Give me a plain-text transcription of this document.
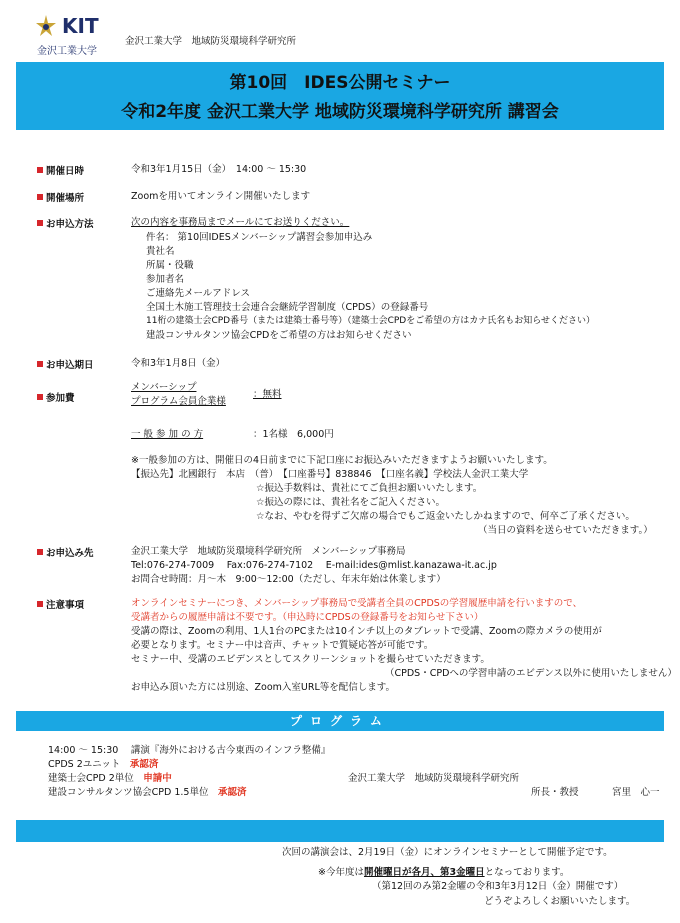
KIT
金沢工業大学
金沢工業大学　地域防災環境科学研究所
第10回　IDES公開セミナー
令和2年度 金沢工業大学 地域防災環境科学研究所 講習会
開催日時	令和3年1月15日（金）　14:00 ～ 15:30
開催場所	Zoomを用いてオンライン開催いたします
お申込方法	次の内容を事務局までメールにてお送りください。
件名： 第10回IDESメンバーシップ講習会参加申込み
貴社名
所属・役職
参加者名
ご連絡先メールアドレス
全国土木施工管理技士会連合会継続学習制度（CPDS）の登録番号
11桁の建築士会CPD番号（または建築士番号等）（建築士会CPDをご希望の方はカナ氏名もお知らせください）
建設コンサルタンツ協会CPDをご希望の方はお知らせください
お申込期日	令和3年1月8日（金）
参加費
メンバーシップ
プログラム会員企業様
：無料
一 般 参 加 の 方	：1名様　6,000円
※一般参加の方は、開催日の4日前までに下記口座にお振込みいただきますようお願いいたします。
【振込先】北國銀行　本店　（普）　【口座番号】838846　【口座名義】学校法人金沢工業大学
☆振込手数料は、貴社にてご負担お願いいたします。
☆振込の際には、貴社名をご記入ください。
☆なお、やむを得ずご欠席の場合でもご返金いたしかねますので、何卒ご了承ください。
（当日の資料を送らせていただきます。）
お申込み先	金沢工業大学　地域防災環境科学研究所　メンバーシップ事務局
Tel:076-274-7009　 Fax:076-274-7102　 E-mail:ides@mlist.kanazawa-it.ac.jp
お問合せ時間：月～木　9:00～12:00（ただし、年末年始は休業します）
注意事項	オンラインセミナーにつき、メンバーシップ事務局で受講者全員のCPDSの学習履歴申請を行いますので、
受講者からの履歴申請は不要です。（申込時にCPDSの登録番号をお知らせ下さい）
受講の際は、Zoomの利用、1人1台のPCまたは10インチ以上のタブレットで受講、Zoomの際カメラの使用が
必要となります。セミナー中は音声、チャットで質疑応答が可能です。
セミナー中、受講のエビデンスとしてスクリーンショットを撮らせていただきます。
（CPDS・CPDへの学習申請のエビデンス以外に使用いたしません）
お申込み頂いた方には別途、Zoom入室URL等を配信します。
プログラム
14:00 ～ 15:30　 講演『海外における古今東西のインフラ整備』
CPDS 2ユニット　 承認済
建築士会CPD 2単位　 申請中
建設コンサルタンツ協会CPD 1.5単位　 承認済
金沢工業大学　地域防災環境科学研究所
所長・教授	宮里　心一
次回の講演会は、2月19日（金）にオンラインセミナーとして開催予定です。
※今年度は開催曜日が各月、第3金曜日となっております。
（第12回のみ第2金曜の令和3年3月12日（金）開催です）
どうぞよろしくお願いいたします。
